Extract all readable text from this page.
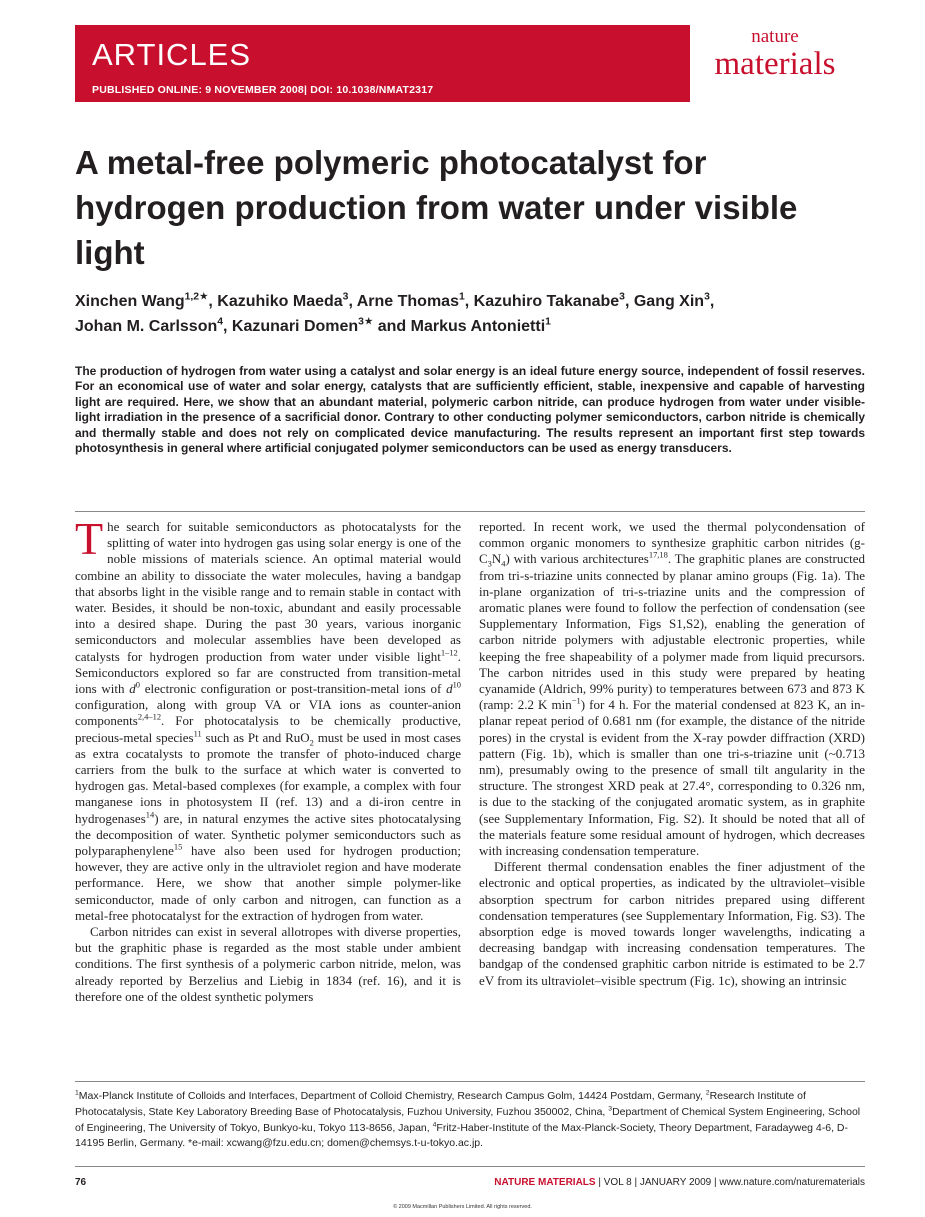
ARTICLES
PUBLISHED ONLINE: 9 NOVEMBER 2008| DOI: 10.1038/NMAT2317
nature
materials
A metal-free polymeric photocatalyst for hydrogen production from water under visible light
Xinchen Wang$^{1,2★}$, Kazuhiko Maeda$^3$, Arne Thomas$^1$, Kazuhiro Takanabe$^3$, Gang Xin$^3$,
Johan M. Carlsson$^4$, Kazunari Domen$^{3★}$ and Markus Antonietti$^1$

The production of hydrogen from water using a catalyst and solar energy is an ideal future energy source, independent of fossil reserves. For an economical use of water and solar energy, catalysts that are sufficiently efficient, stable, inexpensive and capable of harvesting light are required. Here, we show that an abundant material, polymeric carbon nitride, can produce hydrogen from water under visible-light irradiation in the presence of a sacrificial donor. Contrary to other conducting polymer semiconductors, carbon nitride is chemically and thermally stable and does not rely on complicated device manufacturing. The results represent an important first step towards photosynthesis in general where artificial conjugated polymer semiconductors can be used as energy transducers.

The search for suitable semiconductors as photocatalysts for the splitting of water into hydrogen gas using solar energy is one of the noble missions of materials science. An optimal material would combine an ability to dissociate the water molecules, having a bandgap that absorbs light in the visible range and to remain stable in contact with water. Besides, it should be non-toxic, abundant and easily processable into a desired shape. During the past 30 years, various inorganic semiconductors and molecular assemblies have been developed as catalysts for hydrogen production from water under visible light$^{1-12}$. Semiconductors explored so far are constructed from transition-metal ions with $d^0$ electronic configuration or post-transition-metal ions of $d^{10}$ configuration, along with group VA or VIA ions as counter-anion components$^{2,4-12}$. For photocatalysis to be chemically productive, precious-metal species$^{11}$ such as Pt and RuO$_2$ must be used in most cases as extra cocatalysts to promote the transfer of photo-induced charge carriers from the bulk to the surface at which water is converted to hydrogen gas. Metal-based complexes (for example, a complex with four manganese ions in photosystem II (ref. 13) and a di-iron centre in hydrogenases$^{14}$) are, in natural enzymes the active sites photocatalysing the decomposition of water. Synthetic polymer semiconductors such as polyparaphenylene$^{15}$ have also been used for hydrogen production; however, they are active only in the ultraviolet region and have moderate performance. Here, we show that another simple polymer-like semiconductor, made of only carbon and nitrogen, can function as a metal-free photocatalyst for the extraction of hydrogen from water.

Carbon nitrides can exist in several allotropes with diverse properties, but the graphitic phase is regarded as the most stable under ambient conditions. The first synthesis of a polymeric carbon nitride, melon, was already reported by Berzelius and Liebig in 1834 (ref. 16), and it is therefore one of the oldest synthetic polymers

reported. In recent work, we used the thermal polycondensation of common organic monomers to synthesize graphitic carbon nitrides $(g-C_3N_4)$ with various architectures$^{17,18}$. The graphitic planes are constructed from tri-s-triazine units connected by planar amino groups (Fig. 1a). The in-plane organization of tri-s-triazine units and the compression of aromatic planes were found to follow the perfection of condensation (see Supplementary Information, Figs S1,S2), enabling the generation of carbon nitride polymers with adjustable electronic properties, while keeping the free shapeability of a polymer made from liquid precursors. The carbon nitrides used in this study were prepared by heating cyanamide (Aldrich, 99% purity) to temperatures between 673 and 873 K (ramp: 2.2 K $\min^{-1}$) for 4 h. For the material condensed at 823 K, an in-planar repeat period of 0.681 nm (for example, the distance of the nitride pores) in the crystal is evident from the X-ray powder diffraction (XRD) pattern (Fig. 1b), which is smaller than one tri-s-triazine unit (~0.713 nm), presumably owing to the presence of small tilt angularity in the structure. The strongest XRD peak at 27.4°, corresponding to 0.326 nm, is due to the stacking of the conjugated aromatic system, as in graphite (see Supplementary Information, Fig. S2). It should be noted that all of the materials feature some residual amount of hydrogen, which decreases with increasing condensation temperature.

Different thermal condensation enables the finer adjustment of the electronic and optical properties, as indicated by the ultraviolet–visible absorption spectrum for carbon nitrides prepared using different condensation temperatures (see Supplementary Information, Fig. S3). The absorption edge is moved towards longer wavelengths, indicating a decreasing bandgap with increasing condensation temperatures. The bandgap of the condensed graphitic carbon nitride is estimated to be 2.7 eV from its ultraviolet–visible spectrum (Fig. 1c), showing an intrinsic

$^1$Max-Planck Institute of Colloids and Interfaces, Department of Colloid Chemistry, Research Campus Golm, 14424 Postdam, Germany, $^2$Research Institute of Photocatalysis, State Key Laboratory Breeding Base of Photocatalysis, Fuzhou University, Fuzhou 350002, China, $^3$Department of Chemical System Engineering, School of Engineering, The University of Tokyo, Bunkyo-ku, Tokyo 113-8656, Japan, $^4$Fritz-Haber-Institute of the Max-Planck-Society, Theory Department, Faradayweg 4-6, D-14195 Berlin, Germany. *e-mail: xcwang@fzu.edu.cn; domen@chemsys.t-u-tokyo.ac.jp.

76	NATURE MATERIALS | VOL 8 | JANUARY 2009 | www.nature.com/naturematerials
© 2009 Macmillan Publishers Limited. All rights reserved.
